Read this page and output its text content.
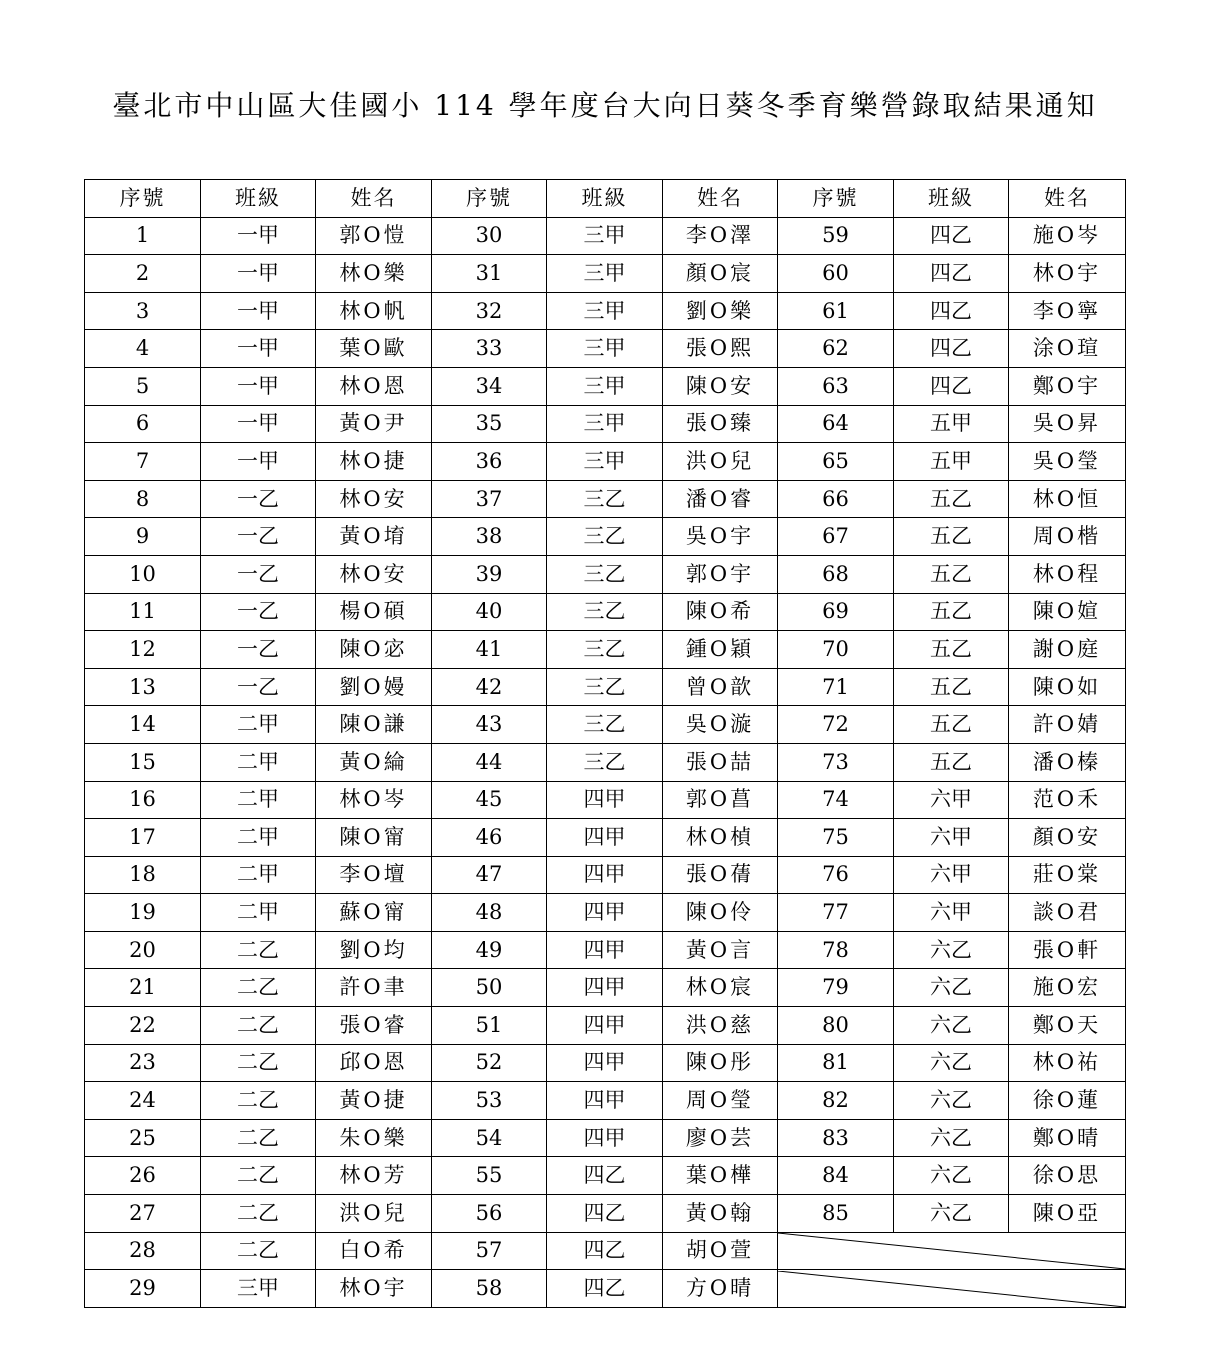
臺北市中山區大佳國小 114 學年度台大向日葵冬季育樂營錄取結果通知
序號	班級	姓名	序號	班級	姓名	序號	班級	姓名
1	一甲	郭O愷	30	三甲	李O澤	59	四乙	施O岑
2	一甲	林O樂	31	三甲	顏O宸	60	四乙	林O宇
3	一甲	林O帆	32	三甲	劉O樂	61	四乙	李O寧
4	一甲	葉O歐	33	三甲	張O熙	62	四乙	涂O瑄
5	一甲	林O恩	34	三甲	陳O安	63	四乙	鄭O宇
6	一甲	黃O尹	35	三甲	張O臻	64	五甲	吳O昇
7	一甲	林O捷	36	三甲	洪O兒	65	五甲	吳O瑩
8	一乙	林O安	37	三乙	潘O睿	66	五乙	林O恒
9	一乙	黃O堉	38	三乙	吳O宇	67	五乙	周O楷
10	一乙	林O安	39	三乙	郭O宇	68	五乙	林O程
11	一乙	楊O碩	40	三乙	陳O希	69	五乙	陳O媗
12	一乙	陳O宓	41	三乙	鍾O穎	70	五乙	謝O庭
13	一乙	劉O嫚	42	三乙	曾O歆	71	五乙	陳O如
14	二甲	陳O謙	43	三乙	吳O漩	72	五乙	許O婧
15	二甲	黃O綸	44	三乙	張O喆	73	五乙	潘O榛
16	二甲	林O岑	45	四甲	郭O菖	74	六甲	范O禾
17	二甲	陳O甯	46	四甲	林O楨	75	六甲	顏O安
18	二甲	李O壇	47	四甲	張O蒨	76	六甲	莊O棠
19	二甲	蘇O甯	48	四甲	陳O伶	77	六甲	談O君
20	二乙	劉O均	49	四甲	黃O言	78	六乙	張O軒
21	二乙	許O聿	50	四甲	林O宸	79	六乙	施O宏
22	二乙	張O睿	51	四甲	洪O慈	80	六乙	鄭O天
23	二乙	邱O恩	52	四甲	陳O彤	81	六乙	林O祐
24	二乙	黃O捷	53	四甲	周O瑩	82	六乙	徐O蓮
25	二乙	朱O樂	54	四甲	廖O芸	83	六乙	鄭O晴
26	二乙	林O芳	55	四乙	葉O樺	84	六乙	徐O思
27	二乙	洪O兒	56	四乙	黃O翰	85	六乙	陳O亞
28	二乙	白O希	57	四乙	胡O萱	

29	三甲	林O宇	58	四乙	方O晴	
